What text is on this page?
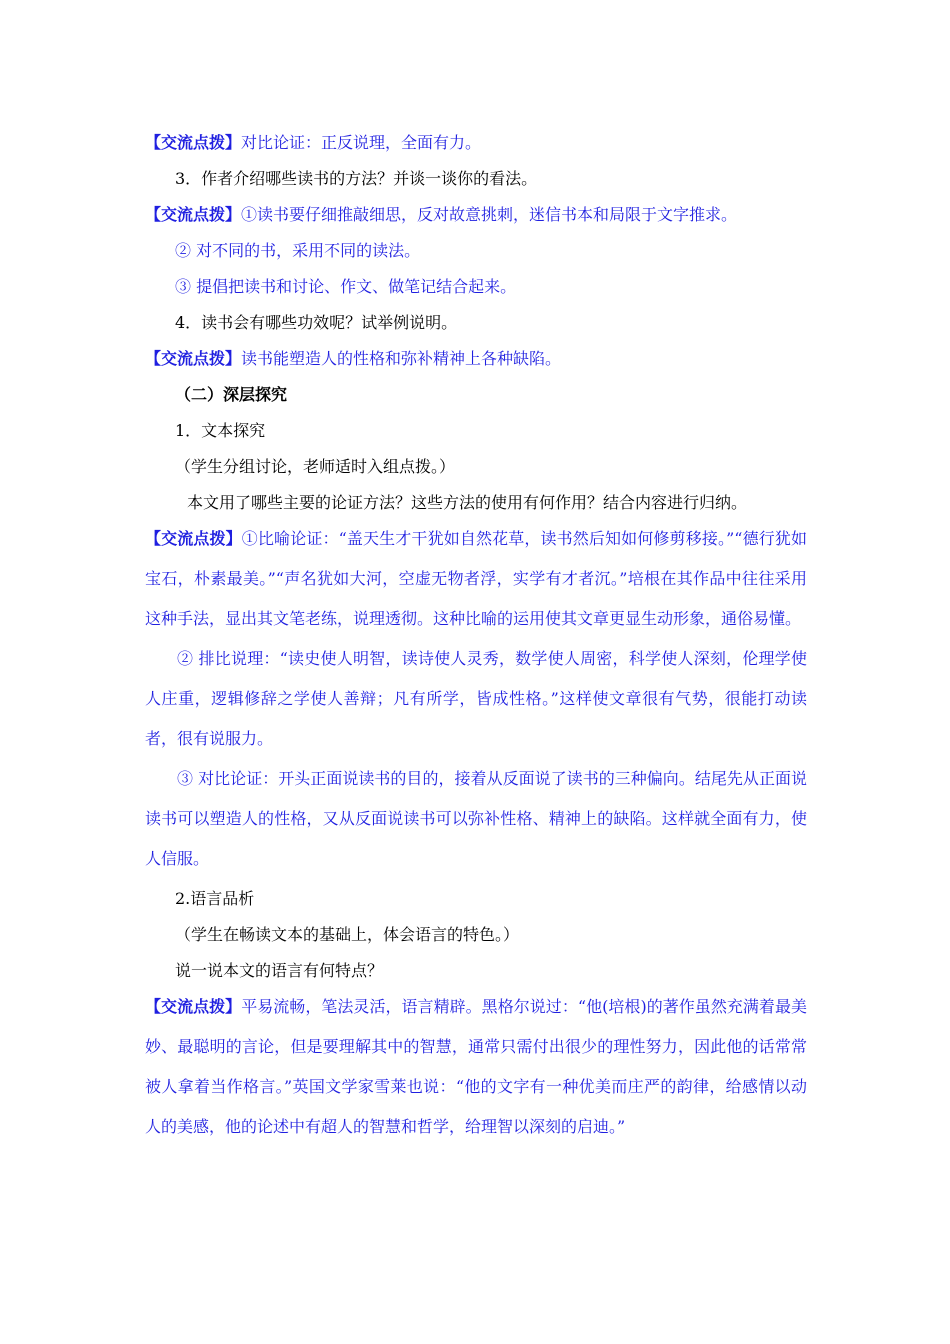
【交流点拨】 对比论证：正反说理，全面有力。
3．作者介绍哪些读书的方法？并谈一谈你的看法。
【交流点拨】 ①读书要仔细推敲细思，反对故意挑刺，迷信书本和局限于文字推求。
② 对不同的书，采用不同的读法。
③ 提倡把读书和讨论、作文、做笔记结合起来。
4．读书会有哪些功效呢？试举例说明。
【交流点拨】 读书能塑造人的性格和弥补精神上各种缺陷。
（二）深层探究
1．文本探究
（学生分组讨论，老师适时入组点拨。）
本文用了哪些主要的论证方法？这些方法的使用有何作用？结合内容进行归纳。

【交流点拨】①比喻论证：“盖天生才干犹如自然花草，读书然后知如何修剪移接。”“德行犹如宝石，朴素最美。”“声名犹如大河，空虚无物者浮，实学有才者沉。”培根在其作品中往往采用这种手法，显出其文笔老练，说理透彻。这种比喻的运用使其文章更显生动形象，通俗易懂。

② 排比说理：“读史使人明智，读诗使人灵秀，数学使人周密，科学使人深刻，伦理学使人庄重，逻辑修辞之学使人善辩；凡有所学，皆成性格。”这样使文章很有气势，很能打动读者，很有说服力。

③ 对比论证：开头正面说读书的目的，接着从反面说了读书的三种偏向。结尾先从正面说读书可以塑造人的性格，又从反面说读书可以弥补性格、精神上的缺陷。这样就全面有力，使人信服。

2.语言品析
（学生在畅读文本的基础上，体会语言的特色。）
说一说本文的语言有何特点？

【交流点拨】平易流畅，笔法灵活，语言精辟。黑格尔说过：“他(培根)的著作虽然充满着最美妙、最聪明的言论，但是要理解其中的智慧，通常只需付出很少的理性努力，因此他的话常常被人拿着当作格言。”英国文学家雪莱也说：“他的文字有一种优美而庄严的韵律，给感情以动人的美感，他的论述中有超人的智慧和哲学，给理智以深刻的启迪。”
